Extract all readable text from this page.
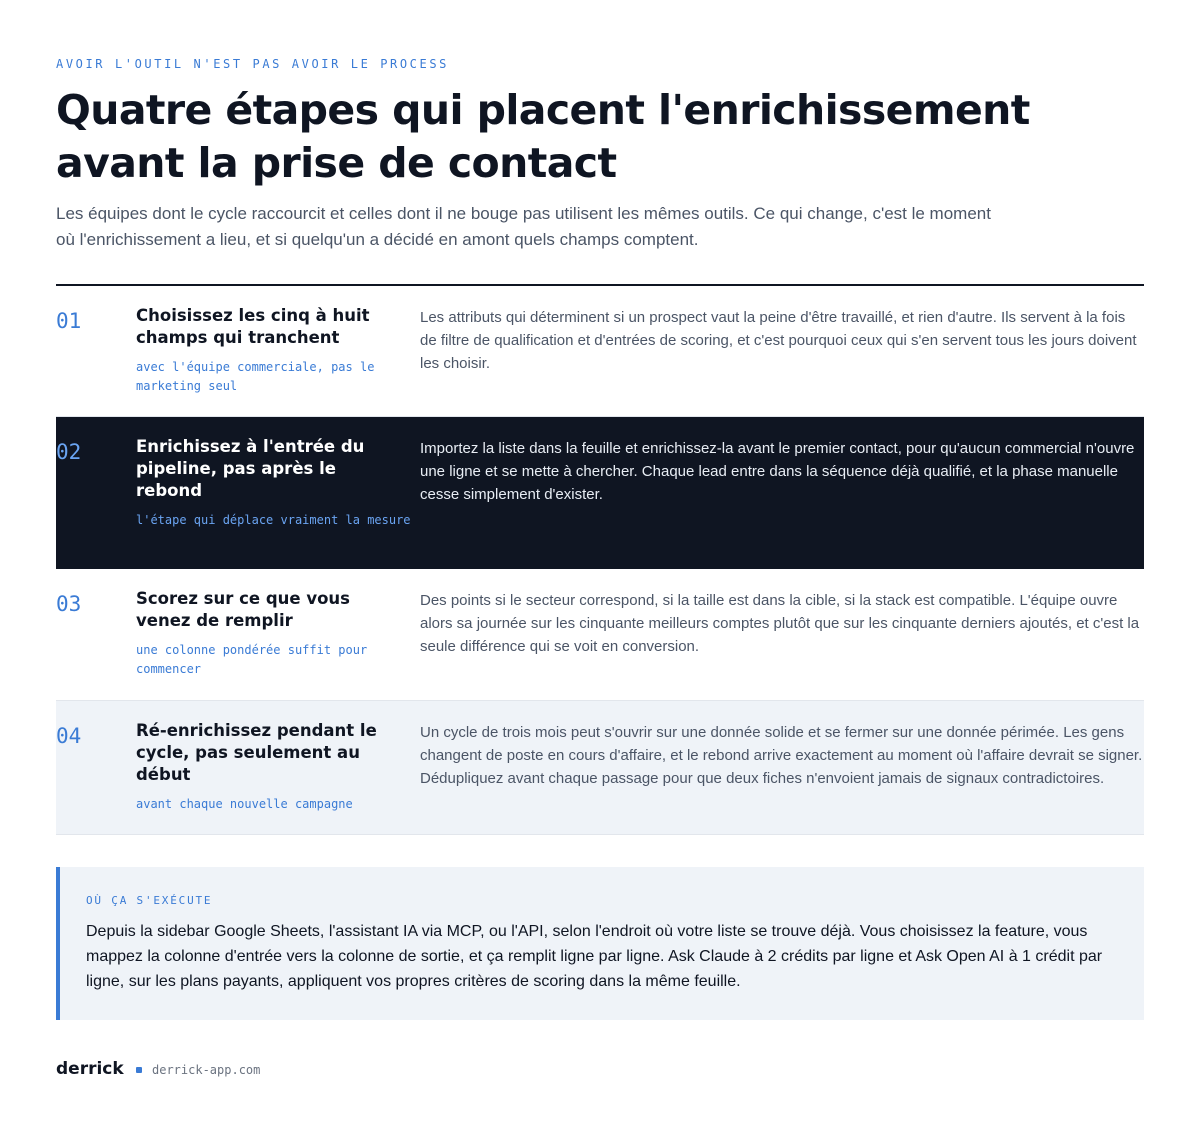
AVOIR L'OUTIL N'EST PAS AVOIR LE PROCESS
Quatre étapes qui placent l'enrichissement avant la prise de contact

Les équipes dont le cycle raccourcit et celles dont il ne bouge pas utilisent les mêmes outils. Ce qui change, c'est le moment où l'enrichissement a lieu, et si quelqu'un a décidé en amont quels champs comptent.

01	Choisissez les cinq à huit champs qui tranchent
avec l'équipe commerciale, pas le marketing seul
Les attributs qui déterminent si un prospect vaut la peine d'être travaillé, et rien d'autre. Ils servent à la fois de filtre de qualification et d'entrées de scoring, et c'est pourquoi ceux qui s'en servent tous les jours doivent les choisir.
02	Enrichissez à l'entrée du pipeline, pas après le rebond
l'étape qui déplace vraiment la mesure
Importez la liste dans la feuille et enrichissez-la avant le premier contact, pour qu'aucun commercial n'ouvre une ligne et se mette à chercher. Chaque lead entre dans la séquence déjà qualifié, et la phase manuelle cesse simplement d'exister.
03	Scorez sur ce que vous venez de remplir
une colonne pondérée suffit pour commencer
Des points si le secteur correspond, si la taille est dans la cible, si la stack est compatible. L'équipe ouvre alors sa journée sur les cinquante meilleurs comptes plutôt que sur les cinquante derniers ajoutés, et c'est la seule différence qui se voit en conversion.
04	Ré-enrichissez pendant le cycle, pas seulement au début
avant chaque nouvelle campagne
Un cycle de trois mois peut s'ouvrir sur une donnée solide et se fermer sur une donnée périmée. Les gens changent de poste en cours d'affaire, et le rebond arrive exactement au moment où l'affaire devrait se signer. Dédupliquez avant chaque passage pour que deux fiches n'envoient jamais de signaux contradictoires.
OÙ ÇA S'EXÉCUTE

Depuis la sidebar Google Sheets, l'assistant IA via MCP, ou l'API, selon l'endroit où votre liste se trouve déjà. Vous choisissez la feature, vous mappez la colonne d'entrée vers la colonne de sortie, et ça remplit ligne par ligne. Ask Claude à 2 crédits par ligne et Ask Open AI à 1 crédit par ligne, sur les plans payants, appliquent vos propres critères de scoring dans la même feuille.

derrick derrick-app.com
